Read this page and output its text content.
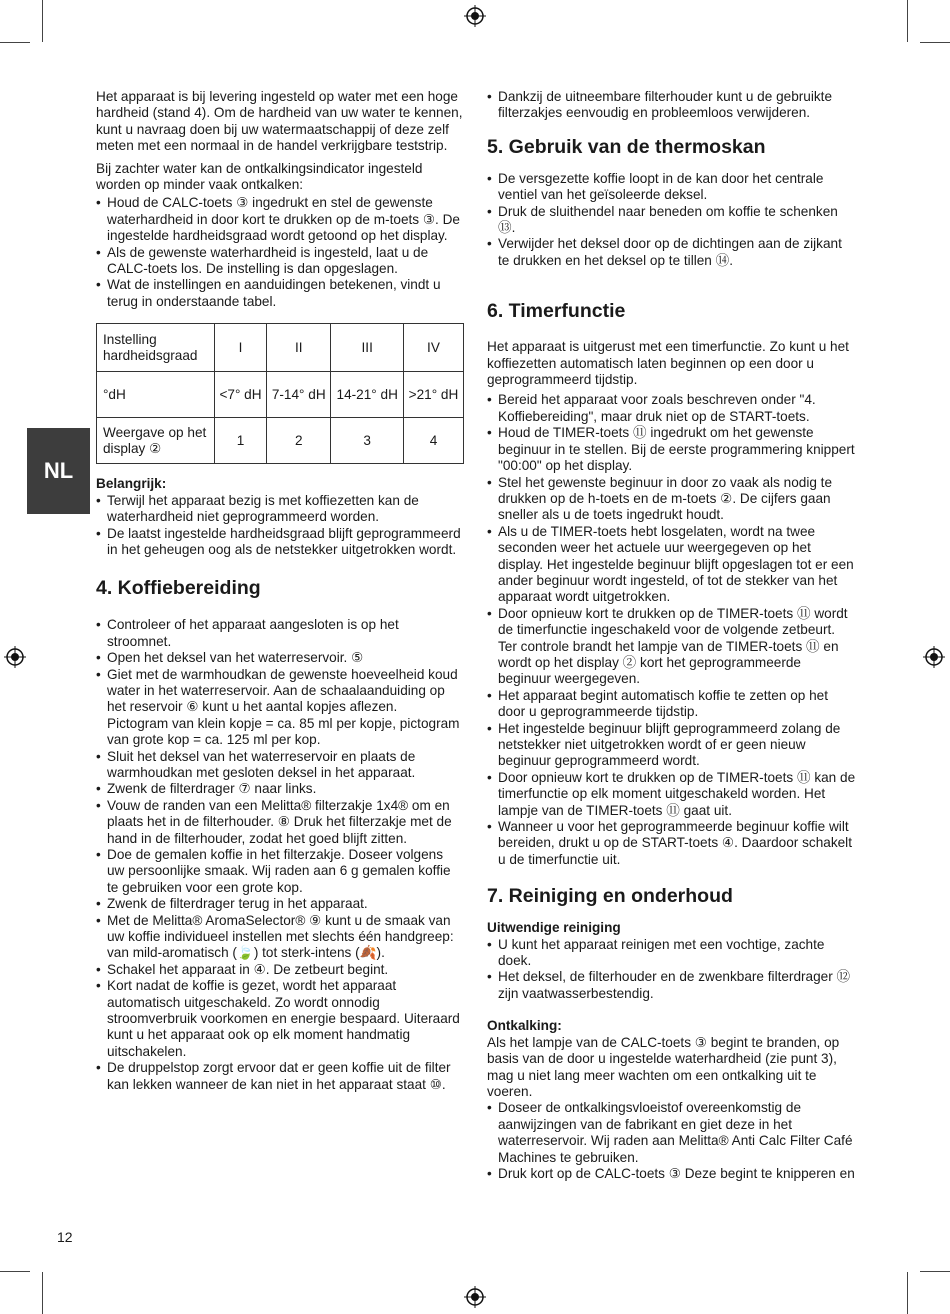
NL

Het apparaat is bij levering ingesteld op water met een hoge hardheid (stand 4). Om de hardheid van uw water te kennen, kunt u navraag doen bij uw watermaatschappij of deze zelf meten met een normaal in de handel verkrijgbare teststrip.

Bij zachter water kan de ontkalkingsindicator ingesteld worden op minder vaak ontkalken:

• Houd de CALC-toets ③ ingedrukt en stel de gewenste waterhardheid in door kort te drukken op de m-toets ③. De ingestelde hardheidsgraad wordt getoond op het display.
• Als de gewenste waterhardheid is ingesteld, laat u de CALC-toets los. De instelling is dan opgeslagen.
• Wat de instellingen en aanduidingen betekenen, vindt u terug in onderstaande tabel.
Instelling hardheidsgraad	I	II	III	IV
°dH	<7° dH	7-14° dH	14-21° dH	>21° dH
Weergave op het display ②	1	2	3	4
Belangrijk:
• Terwijl het apparaat bezig is met koffiezetten kan de waterhardheid niet geprogrammeerd worden.
• De laatst ingestelde hardheidsgraad blijft geprogrammeerd in het geheugen oog als de netstekker uitgetrokken wordt.
4. Koffiebereiding
• Controleer of het apparaat aangesloten is op het stroomnet.
• Open het deksel van het waterreservoir. ⑤
• Giet met de warmhoudkan de gewenste hoeveelheid koud water in het waterreservoir. Aan de schaalaanduiding op het reservoir ⑥ kunt u het aantal kopjes aflezen.
Pictogram van klein kopje = ca. 85 ml per kopje, pictogram van grote kop = ca. 125 ml per kop.
• Sluit het deksel van het waterreservoir en plaats de warmhoudkan met gesloten deksel in het apparaat.
• Zwenk de filterdrager ⑦ naar links.
• Vouw de randen van een Melitta® filterzakje 1x4® om en plaats het in de filterhouder. ⑧ Druk het filterzakje met de hand in de filterhouder, zodat het goed blijft zitten.
• Doe de gemalen koffie in het filterzakje. Doseer volgens uw persoonlijke smaak. Wij raden aan 6 g gemalen koffie te gebruiken voor een grote kop.
• Zwenk de filterdrager terug in het apparaat.
• Met de Melitta® AromaSelector® ⑨ kunt u de smaak van uw koffie individueel instellen met slechts één handgreep: van mild-aromatisch (🍃) tot sterk-intens (🍂).
• Schakel het apparaat in ④. De zetbeurt begint.
• Kort nadat de koffie is gezet, wordt het apparaat automatisch uitgeschakeld. Zo wordt onnodig stroomverbruik voorkomen en energie bespaard. Uiteraard kunt u het apparaat ook op elk moment handmatig uitschakelen.
• De druppelstop zorgt ervoor dat er geen koffie uit de filter kan lekken wanneer de kan niet in het apparaat staat ⑩.
• Dankzij de uitneembare filterhouder kunt u de gebruikte filterzakjes eenvoudig en probleemloos verwijderen.
5. Gebruik van de thermoskan
• De versgezette koffie loopt in de kan door het centrale ventiel van het geïsoleerde deksel.
• Druk de sluithendel naar beneden om koffie te schenken ⑬.
• Verwijder het deksel door op de dichtingen aan de zijkant te drukken en het deksel op te tillen ⑭.
6. Timerfunctie

Het apparaat is uitgerust met een timerfunctie. Zo kunt u het koffiezetten automatisch laten beginnen op een door u geprogrammeerd tijdstip.

• Bereid het apparaat voor zoals beschreven onder "4. Koffiebereiding", maar druk niet op de START-toets.
• Houd de TIMER-toets ⑪ ingedrukt om het gewenste beginuur in te stellen. Bij de eerste programmering knippert "00:00" op het display.
• Stel het gewenste beginuur in door zo vaak als nodig te drukken op de h-toets en de m-toets ②. De cijfers gaan sneller als u de toets ingedrukt houdt.
• Als u de TIMER-toets hebt losgelaten, wordt na twee seconden weer het actuele uur weergegeven op het display. Het ingestelde beginuur blijft opgeslagen tot er een ander beginuur wordt ingesteld, of tot de stekker van het apparaat wordt uitgetrokken.
• Door opnieuw kort te drukken op de TIMER-toets ⑪ wordt de timerfunctie ingeschakeld voor de volgende zetbeurt. Ter controle brandt het lampje van de TIMER-toets ⑪ en wordt op het display ② kort het geprogrammeerde beginuur weergegeven.
• Het apparaat begint automatisch koffie te zetten op het door u geprogrammeerde tijdstip.
• Het ingestelde beginuur blijft geprogrammeerd zolang de netstekker niet uitgetrokken wordt of er geen nieuw beginuur geprogrammeerd wordt.
• Door opnieuw kort te drukken op de TIMER-toets ⑪ kan de timerfunctie op elk moment uitgeschakeld worden. Het lampje van de TIMER-toets ⑪ gaat uit.
• Wanneer u voor het geprogrammeerde beginuur koffie wilt bereiden, drukt u op de START-toets ④. Daardoor schakelt u de timerfunctie uit.
7. Reiniging en onderhoud
Uitwendige reiniging
• U kunt het apparaat reinigen met een vochtige, zachte doek.
• Het deksel, de filterhouder en de zwenkbare filterdrager ⑫ zijn vaatwasserbestendig.
Ontkalking:
Als het lampje van de CALC-toets ③ begint te branden, op basis van de door u ingestelde waterhardheid (zie punt 3), mag u niet lang meer wachten om een ontkalking uit te voeren.
• Doseer de ontkalkingsvloeistof overeenkomstig de aanwijzingen van de fabrikant en giet deze in het waterreservoir. Wij raden aan Melitta® Anti Calc Filter Café Machines te gebruiken.
• Druk kort op de CALC-toets ③ Deze begint te knipperen en
12
